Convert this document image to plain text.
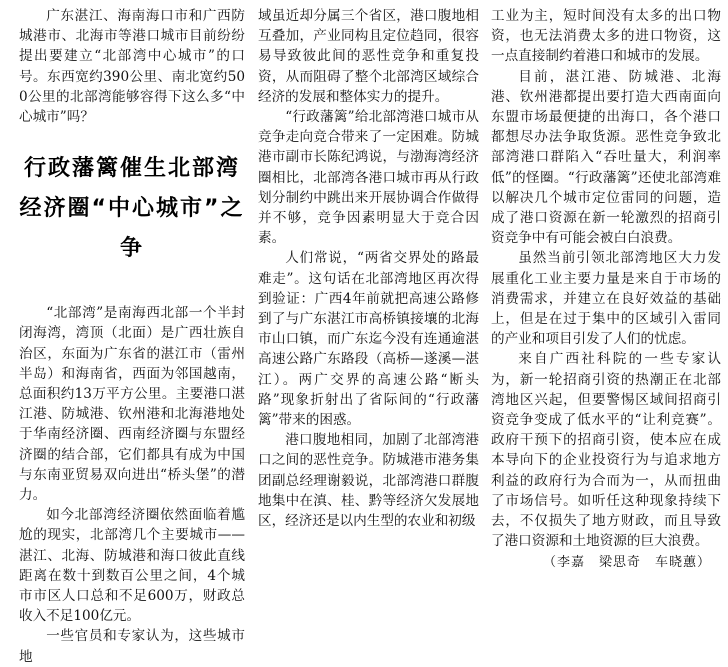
广东湛江、海南海口市和广西防城港市、北海市等港口城市目前纷纷提出要建立“北部湾中心城市”的口号。东西宽约390公里、南北宽约500公里的北部湾能够容得下这么多“中心城市”吗？

行政藩篱催生北部湾
经济圈“中心城市”之争

“北部湾”是南海西北部一个半封闭海湾，湾顶（北面）是广西壮族自治区，东面为广东省的湛江市（雷州半岛）和海南省，西面为邻国越南，总面积约13万平方公里。主要港口湛江港、防城港、钦州港和北海港地处于华南经济圈、西南经济圈与东盟经济圈的结合部，它们都具有成为中国与东南亚贸易双向进出“桥头堡”的潜力。

如今北部湾经济圈依然面临着尴尬的现实，北部湾几个主要城市——湛江、北海、防城港和海口彼此直线距离在数十到数百公里之间，4个城市市区人口总和不足600万，财政总收入不足100亿元。

一些官员和专家认为，这些城市地

域虽近却分属三个省区，港口腹地相互叠加，产业同构且定位趋同，很容易导致彼此间的恶性竞争和重复投资，从而阻碍了整个北部湾区域综合经济的发展和整体实力的提升。

“行政藩篱”给北部湾港口城市从竞争走向竞合带来了一定困难。防城港市副市长陈纪鸿说，与渤海湾经济圈相比，北部湾各港口城市再从行政划分制约中跳出来开展协调合作做得并不够，竞争因素明显大于竞合因素。

人们常说，“两省交界处的路最难走”。这句话在北部湾地区再次得到验证：广西4年前就把高速公路修到了与广东湛江市高桥镇接壤的北海市山口镇，而广东迄今没有连通逾湛高速公路广东路段（高桥—遂溪—湛江）。两广交界的高速公路“断头路”现象折射出了省际间的“行政藩篱”带来的困惑。

港口腹地相同，加剧了北部湾港口之间的恶性竞争。防城港市港务集团副总经理谢毅说，北部湾港口群腹地集中在滇、桂、黔等经济欠发展地区，经济还是以内生型的农业和初级

工业为主，短时间没有太多的出口物资，也无法消费太多的进口物资，这一点直接制约着港口和城市的发展。

目前，湛江港、防城港、北海港、钦州港都提出要打造大西南面向东盟市场最便捷的出海口，各个港口都想尽办法争取货源。恶性竞争致北部湾港口群陷入“吞吐量大，利润率低”的怪圈。“行政藩篱”还使北部湾难以解决几个城市定位雷同的问题，造成了港口资源在新一轮激烈的招商引资竞争中有可能会被白白浪费。

虽然当前引领北部湾地区大力发展重化工业主要力量是来自于市场的消费需求，并建立在良好效益的基础上，但是在过于集中的区域引入雷同的产业和项目引发了人们的忧虑。

来自广西社科院的一些专家认为，新一轮招商引资的热潮正在北部湾地区兴起，但要警惕区域间招商引资竞争变成了低水平的“让利竞赛”。政府干预下的招商引资，使本应在成本导向下的企业投资行为与追求地方利益的政府行为合而为一，从而扭曲了市场信号。如听任这种现象持续下去，不仅损失了地方财政，而且导致了港口资源和土地资源的巨大浪费。

（李嘉　梁思奇　车晓蕙）
